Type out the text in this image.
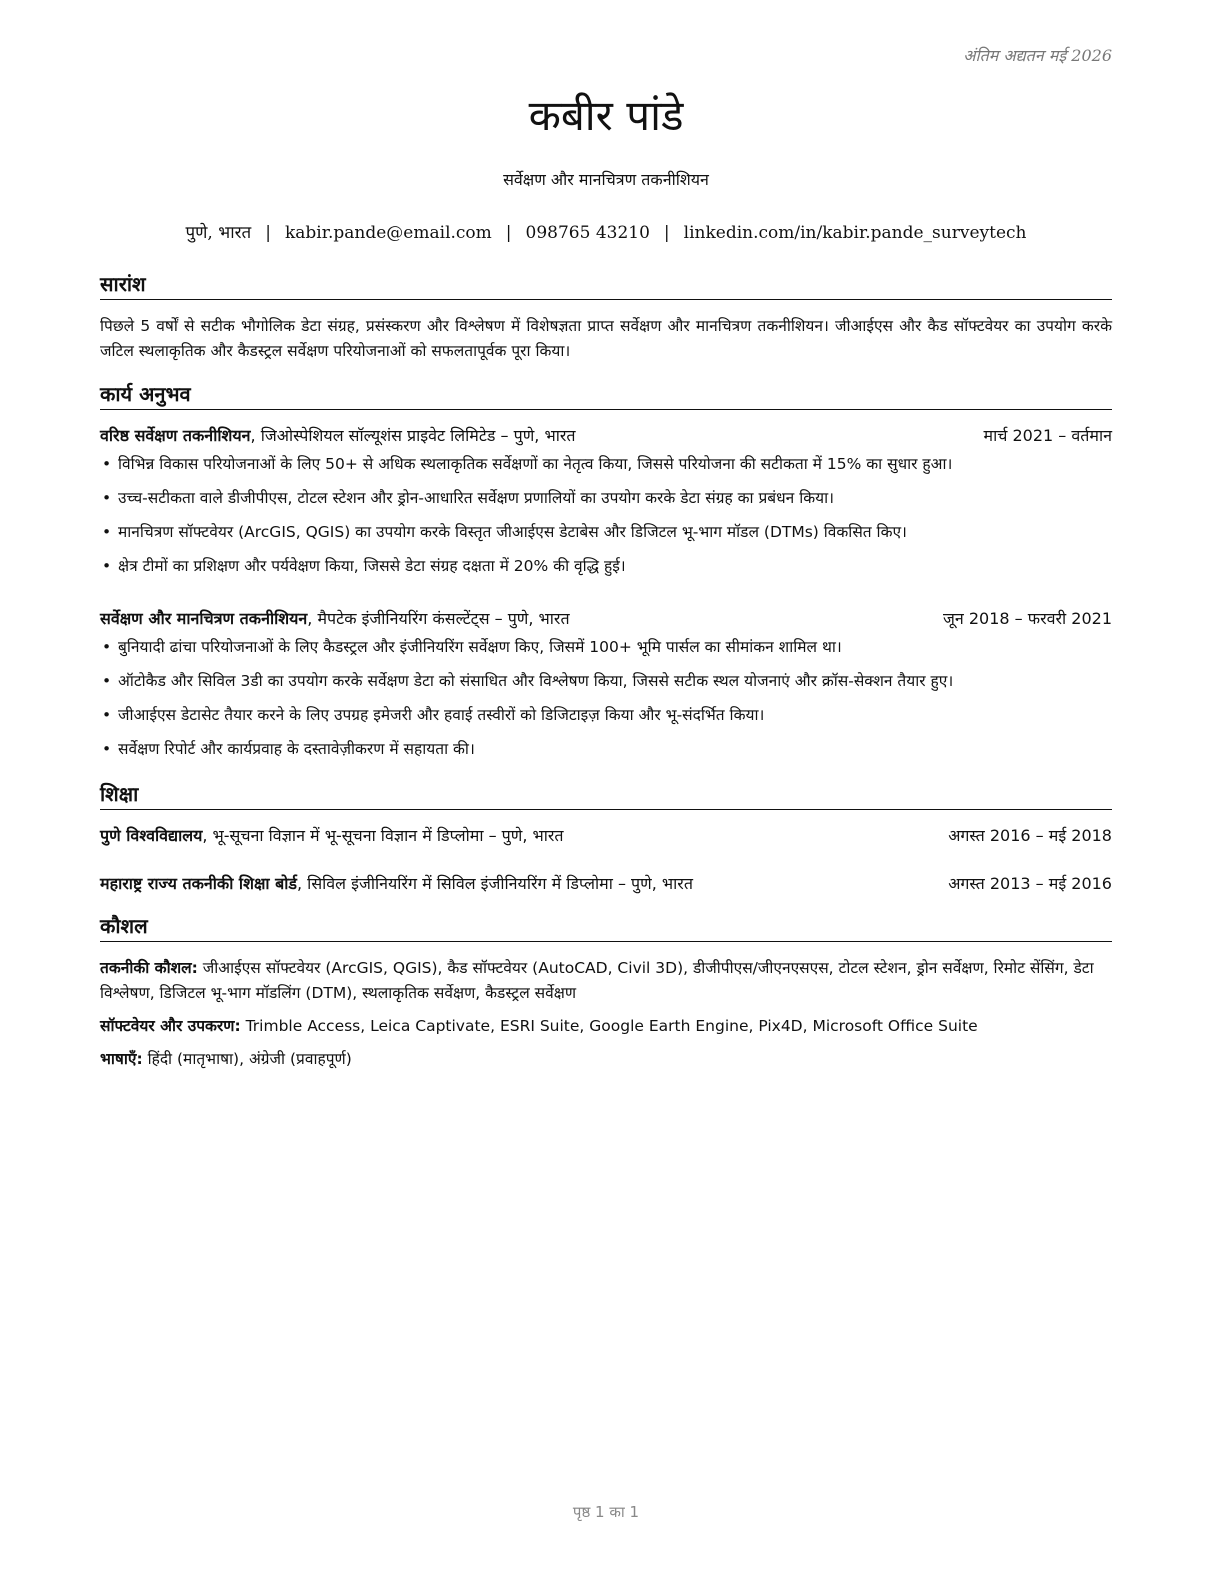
अंतिम अद्यतन मई 2026
कबीर पांडे
सर्वेक्षण और मानचित्रण तकनीशियन
पुणे, भारत | kabir.pande@email.com | 098765 43210 | linkedin.com/in/kabir.pande_surveytech
सारांश
पिछले 5 वर्षों से सटीक भौगोलिक डेटा संग्रह, प्रसंस्करण और विश्लेषण में विशेषज्ञता प्राप्त सर्वेक्षण और मानचित्रण तकनीशियन। जीआईएस और कैड सॉफ्टवेयर का उपयोग करके जटिल स्थलाकृतिक और कैडस्ट्रल सर्वेक्षण परियोजनाओं को सफलतापूर्वक पूरा किया।
कार्य अनुभव
वरिष्ठ सर्वेक्षण तकनीशियन, जिओस्पेशियल सॉल्यूशंस प्राइवेट लिमिटेड – पुणे, भारत	मार्च 2021 – वर्तमान
• विभिन्न विकास परियोजनाओं के लिए 50+ से अधिक स्थलाकृतिक सर्वेक्षणों का नेतृत्व किया, जिससे परियोजना की सटीकता में 15% का सुधार हुआ।
• उच्च-सटीकता वाले डीजीपीएस, टोटल स्टेशन और ड्रोन-आधारित सर्वेक्षण प्रणालियों का उपयोग करके डेटा संग्रह का प्रबंधन किया।
• मानचित्रण सॉफ्टवेयर (ArcGIS, QGIS) का उपयोग करके विस्तृत जीआईएस डेटाबेस और डिजिटल भू-भाग मॉडल (DTMs) विकसित किए।
• क्षेत्र टीमों का प्रशिक्षण और पर्यवेक्षण किया, जिससे डेटा संग्रह दक्षता में 20% की वृद्धि हुई।
सर्वेक्षण और मानचित्रण तकनीशियन, मैपटेक इंजीनियरिंग कंसल्टेंट्स – पुणे, भारत	जून 2018 – फरवरी 2021
• बुनियादी ढांचा परियोजनाओं के लिए कैडस्ट्रल और इंजीनियरिंग सर्वेक्षण किए, जिसमें 100+ भूमि पार्सल का सीमांकन शामिल था।
• ऑटोकैड और सिविल 3डी का उपयोग करके सर्वेक्षण डेटा को संसाधित और विश्लेषण किया, जिससे सटीक स्थल योजनाएं और क्रॉस-सेक्शन तैयार हुए।
• जीआईएस डेटासेट तैयार करने के लिए उपग्रह इमेजरी और हवाई तस्वीरों को डिजिटाइज़ किया और भू-संदर्भित किया।
• सर्वेक्षण रिपोर्ट और कार्यप्रवाह के दस्तावेज़ीकरण में सहायता की।
शिक्षा
पुणे विश्वविद्यालय, भू-सूचना विज्ञान में भू-सूचना विज्ञान में डिप्लोमा – पुणे, भारत	अगस्त 2016 – मई 2018
महाराष्ट्र राज्य तकनीकी शिक्षा बोर्ड, सिविल इंजीनियरिंग में सिविल इंजीनियरिंग में डिप्लोमा – पुणे, भारत	अगस्त 2013 – मई 2016
कौशल
तकनीकी कौशल: जीआईएस सॉफ्टवेयर (ArcGIS, QGIS), कैड सॉफ्टवेयर (AutoCAD, Civil 3D), डीजीपीएस/जीएनएसएस, टोटल स्टेशन, ड्रोन सर्वेक्षण, रिमोट सेंसिंग, डेटा विश्लेषण, डिजिटल भू-भाग मॉडलिंग (DTM), स्थलाकृतिक सर्वेक्षण, कैडस्ट्रल सर्वेक्षण
सॉफ्टवेयर और उपकरण: Trimble Access, Leica Captivate, ESRI Suite, Google Earth Engine, Pix4D, Microsoft Office Suite
भाषाएँ: हिंदी (मातृभाषा), अंग्रेजी (प्रवाहपूर्ण)
पृष्ठ 1 का 1
